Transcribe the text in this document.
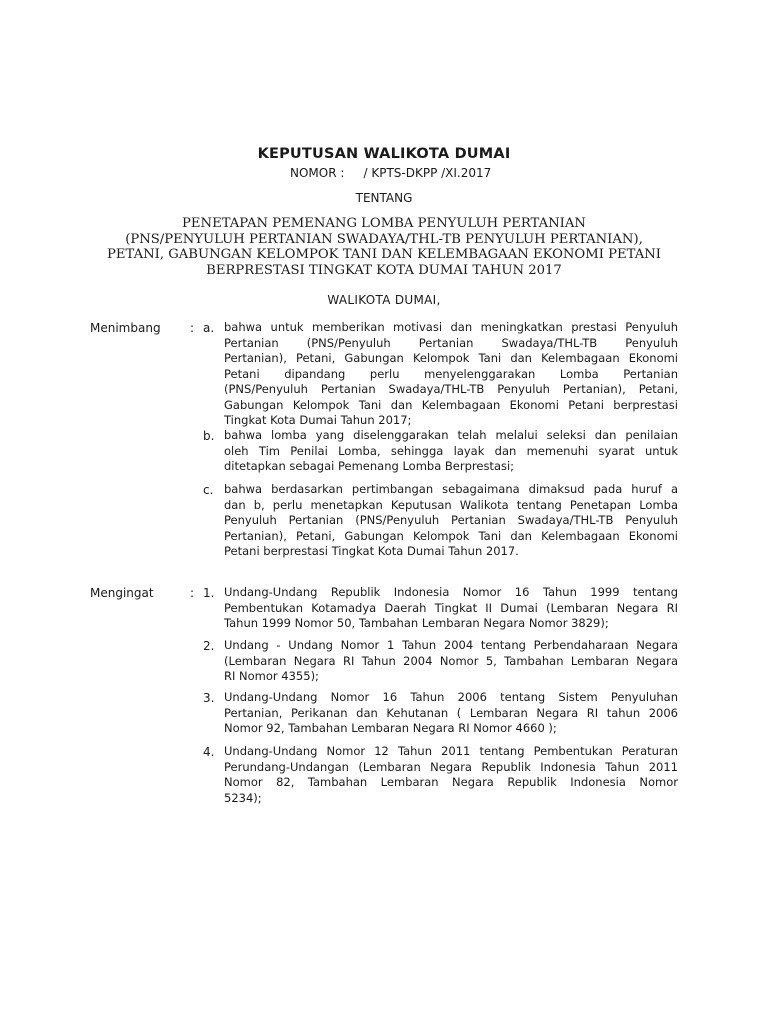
KEPUTUSAN WALIKOTA DUMAI
NOMOR :     / KPTS-DKPP /XI.2017
TENTANG
PENETAPAN PEMENANG LOMBA PENYULUH PERTANIAN
(PNS/PENYULUH PERTANIAN SWADAYA/THL-TB PENYULUH PERTANIAN),
PETANI, GABUNGAN KELOMPOK TANI DAN KELEMBAGAAN EKONOMI PETANI
BERPRESTASI TINGKAT KOTA DUMAI TAHUN 2017
WALIKOTA DUMAI,
Menimbang : a. bahwa untuk memberikan motivasi dan meningkatkan prestasi Penyuluh
Pertanian (PNS/Penyuluh Pertanian Swadaya/THL-TB Penyuluh
Pertanian), Petani, Gabungan Kelompok Tani dan Kelembagaan Ekonomi
Petani dipandang perlu menyelenggarakan Lomba Pertanian
(PNS/Penyuluh Pertanian Swadaya/THL-TB Penyuluh Pertanian), Petani,
Gabungan Kelompok Tani dan Kelembagaan Ekonomi Petani berprestasi
Tingkat Kota Dumai Tahun 2017;
b. bahwa lomba yang diselenggarakan telah melalui seleksi dan penilaian
oleh Tim Penilai Lomba, sehingga layak dan memenuhi syarat untuk
ditetapkan sebagai Pemenang Lomba Berprestasi;
c. bahwa berdasarkan pertimbangan sebagaimana dimaksud pada huruf a
dan b, perlu menetapkan Keputusan Walikota tentang Penetapan Lomba
Penyuluh Pertanian (PNS/Penyuluh Pertanian Swadaya/THL-TB Penyuluh
Pertanian), Petani, Gabungan Kelompok Tani dan Kelembagaan Ekonomi
Petani berprestasi Tingkat Kota Dumai Tahun 2017.
Mengingat	: 1. Undang-Undang Republik Indonesia Nomor 16 Tahun 1999 tentang
Pembentukan Kotamadya Daerah Tingkat II Dumai (Lembaran Negara RI
Tahun 1999 Nomor 50, Tambahan Lembaran Negara Nomor 3829);
2. Undang - Undang Nomor 1 Tahun 2004 tentang Perbendaharaan Negara
(Lembaran Negara RI Tahun 2004 Nomor 5, Tambahan Lembaran Negara
RI Nomor 4355);
3. Undang-Undang Nomor 16 Tahun 2006 tentang Sistem Penyuluhan
Pertanian, Perikanan dan Kehutanan ( Lembaran Negara RI tahun 2006
Nomor 92, Tambahan Lembaran Negara RI Nomor 4660 );
4. Undang-Undang Nomor 12 Tahun 2011 tentang Pembentukan Peraturan
Perundang-Undangan (Lembaran Negara Republik Indonesia Tahun 2011
Nomor 82, Tambahan Lembaran Negara Republik Indonesia Nomor
5234);
